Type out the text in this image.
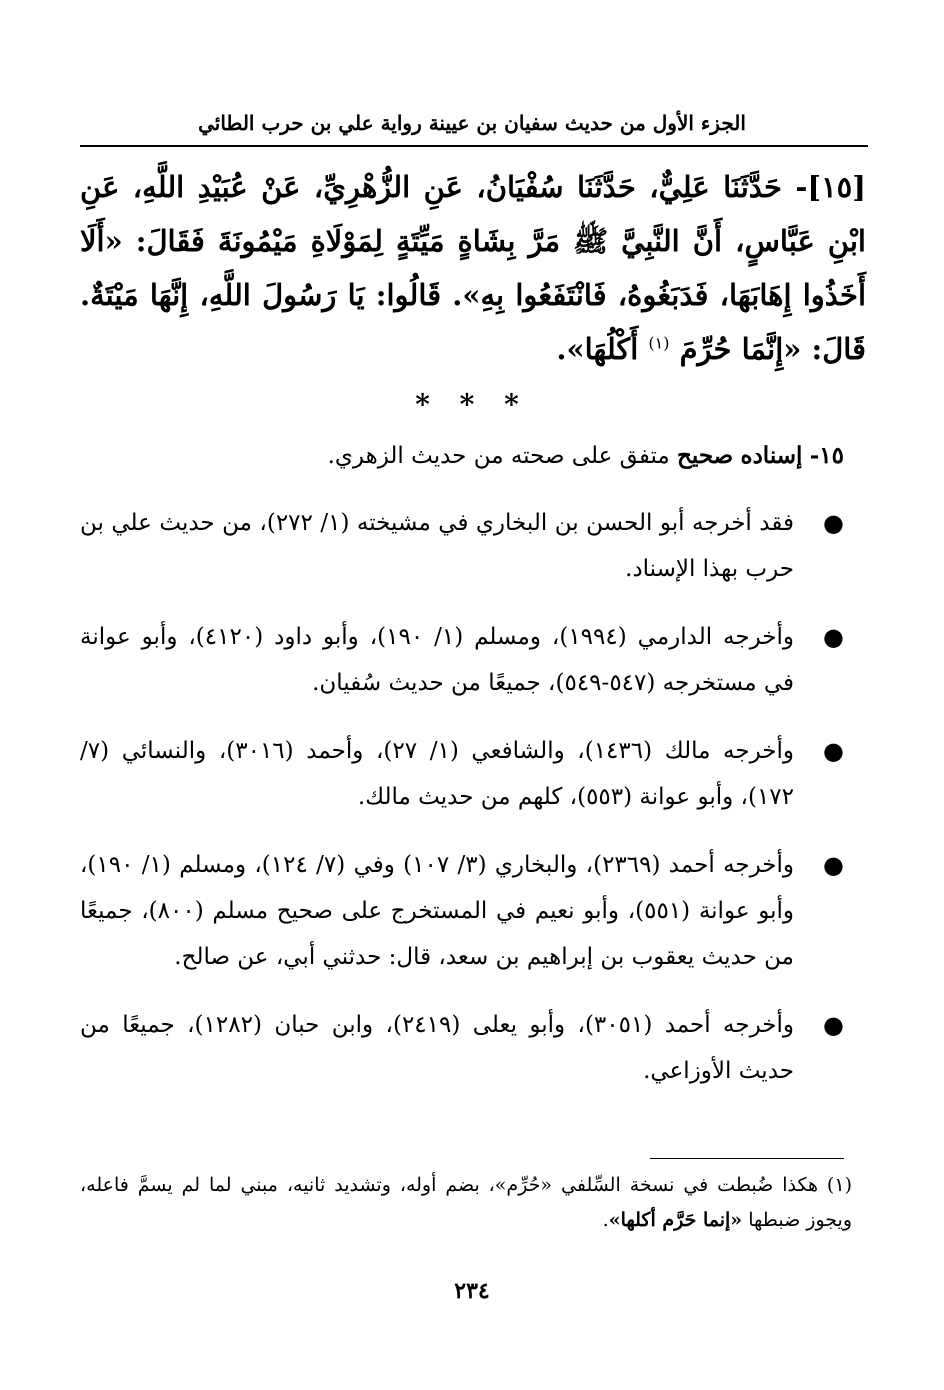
الجزء الأول من حديث سفيان بن عيينة رواية علي بن حرب الطائي
[١٥]- حَدَّثَنَا عَلِيٌّ، حَدَّثَنَا سُفْيَانُ، عَنِ الزُّهْرِيِّ، عَنْ عُبَيْدِ اللَّهِ، عَنِ ابْنِ عَبَّاسٍ، أَنَّ النَّبِيَّ ﷺ مَرَّ بِشَاةٍ مَيِّتَةٍ لِمَوْلَاةِ مَيْمُونَةَ فَقَالَ: «أَلَا أَخَذُوا إِهَابَهَا، فَدَبَغُوهُ، فَانْتَفَعُوا بِهِ». قَالُوا: يَا رَسُولَ اللَّهِ، إِنَّهَا مَيْتَةٌ. قَالَ: «إِنَّمَا حُرِّمَ $^{(١)}$ أَكْلُهَا».
* * *
١٥- إسناده صحيح متفق على صحته من حديث الزهري.
●
فقد أخرجه أبو الحسن بن البخاري في مشيخته (١/ ٢٧٢)، من حديث علي بن حرب بهذا الإسناد.
●
وأخرجه الدارمي (١٩٩٤)، ومسلم (١/ ١٩٠)، وأبو داود (٤١٢٠)، وأبو عوانة في مستخرجه (٥٤٧-٥٤٩)، جميعًا من حديث سُفيان.
●
وأخرجه مالك (١٤٣٦)، والشافعي (١/ ٢٧)، وأحمد (٣٠١٦)، والنسائي (٧/ ١٧٢)، وأبو عوانة (٥٥٣)، كلهم من حديث مالك.
●
وأخرجه أحمد (٢٣٦٩)، والبخاري (٣/ ١٠٧) وفي (٧/ ١٢٤)، ومسلم (١/ ١٩٠)، وأبو عوانة (٥٥١)، وأبو نعيم في المستخرج على صحيح مسلم (٨٠٠)، جميعًا من حديث يعقوب بن إبراهيم بن سعد، قال: حدثني أبي، عن صالح.
●
وأخرجه أحمد (٣٠٥١)، وأبو يعلى (٢٤١٩)، وابن حبان (١٢٨٢)، جميعًا من حديث الأوزاعي.
(١) هكذا ضُبطت في نسخة السِّلفي «حُرِّم»، بضم أوله، وتشديد ثانيه، مبني لما لم يسمَّ فاعله، ويجوز ضبطها «إنما حَرَّم أكلها».
٢٣٤
